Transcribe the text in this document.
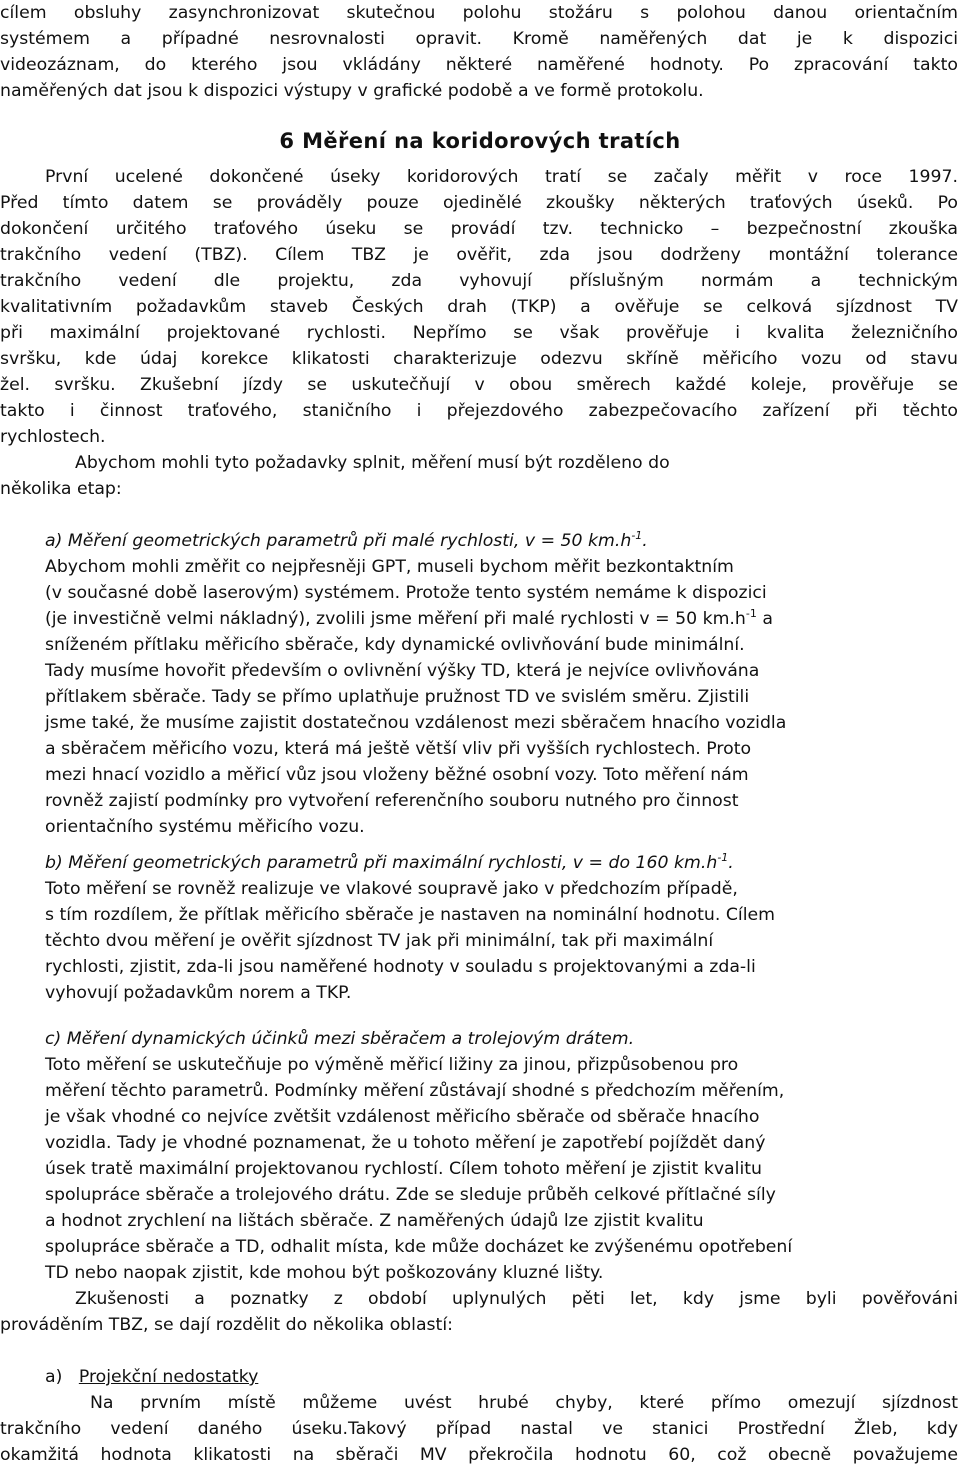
cílem obsluhy zasynchronizovat skutečnou polohu stožáru s polohou danou orientačním
systémem a případné nesrovnalosti opravit. Kromě naměřených dat je k dispozici
videozáznam, do kterého jsou vkládány některé naměřené hodnoty. Po zpracování takto
naměřených dat jsou k dispozici výstupy v grafické podobě a ve formě protokolu.
6 Měření na koridorových tratích
První ucelené dokončené úseky koridorových tratí se začaly měřit v roce 1997.
Před tímto datem se prováděly pouze ojedinělé zkoušky některých traťových úseků. Po
dokončení určitého traťového úseku se provádí tzv. technicko – bezpečnostní zkouška
trakčního vedení (TBZ). Cílem TBZ je ověřit, zda jsou dodrženy montážní tolerance
trakčního vedení dle projektu, zda vyhovují příslušným normám a technickým
kvalitativním požadavkům staveb Českých drah (TKP) a ověřuje se celková sjízdnost TV
při maximální projektované rychlosti. Nepřímo se však prověřuje i kvalita železničního
svršku, kde údaj korekce klikatosti charakterizuje odezvu skříně měřicího vozu od stavu
žel. svršku. Zkušební jízdy se uskutečňují v obou směrech každé koleje, prověřuje se
takto i činnost traťového, staničního i přejezdového zabezpečovacího zařízení při těchto
rychlostech.
Abychom mohli tyto požadavky splnit, měření musí být rozděleno do
několika etap:
a) Měření geometrických parametrů při malé rychlosti, v = 50 $km.h^{-1}$.
Abychom mohli změřit co nejpřesněji GPT, museli bychom měřit bezkontaktním
(v současné době laserovým) systémem. Protože tento systém nemáme k dispozici
(je investičně velmi nákladný), zvolili jsme měření při malé rychlosti v = 50 $km.h^{-1}$ a
sníženém přítlaku měřicího sběrače, kdy dynamické ovlivňování bude minimální.
Tady musíme hovořit především o ovlivnění výšky TD, která je nejvíce ovlivňována
přítlakem sběrače. Tady se přímo uplatňuje pružnost TD ve svislém směru. Zjistili
jsme také, že musíme zajistit dostatečnou vzdálenost mezi sběračem hnacího vozidla
a sběračem měřicího vozu, která má ještě větší vliv při vyšších rychlostech. Proto
mezi hnací vozidlo a měřicí vůz jsou vloženy běžné osobní vozy. Toto měření nám
rovněž zajistí podmínky pro vytvoření referenčního souboru nutného pro činnost
orientačního systému měřicího vozu.
b) Měření geometrických parametrů při maximální rychlosti, v = do 160 $km.h^{-1}$.
Toto měření se rovněž realizuje ve vlakové soupravě jako v předchozím případě,
s tím rozdílem, že přítlak měřicího sběrače je nastaven na nominální hodnotu. Cílem
těchto dvou měření je ověřit sjízdnost TV jak při minimální, tak při maximální
rychlosti, zjistit, zda-li jsou naměřené hodnoty v souladu s projektovanými a zda-li
vyhovují požadavkům norem a TKP.
c) Měření dynamických účinků mezi sběračem a trolejovým drátem.
Toto měření se uskutečňuje po výměně měřicí ližiny za jinou, přizpůsobenou pro
měření těchto parametrů. Podmínky měření zůstávají shodné s předchozím měřením,
je však vhodné co nejvíce zvětšit vzdálenost měřicího sběrače od sběrače hnacího
vozidla. Tady je vhodné poznamenat, že u tohoto měření je zapotřebí pojíždět daný
úsek tratě maximální projektovanou rychlostí. Cílem tohoto měření je zjistit kvalitu
spolupráce sběrače a trolejového drátu. Zde se sleduje průběh celkové přítlačné síly
a hodnot zrychlení na lištách sběrače. Z naměřených údajů lze zjistit kvalitu
spolupráce sběrače a TD, odhalit místa, kde může docházet ke zvýšenému opotřebení
TD nebo naopak zjistit, kde mohou být poškozovány kluzné lišty.
Zkušenosti a poznatky z období uplynulých pěti let, kdy jsme byli pověřováni
prováděním TBZ, se dají rozdělit do několika oblastí:
a) Projekční nedostatky
Na prvním místě můžeme uvést hrubé chyby, které přímo omezují sjízdnost
trakčního vedení daného úseku.Takový případ nastal ve stanici Prostřední Žleb, kdy
okamžitá hodnota klikatosti na sběrači MV překročila hodnotu 60, což obecně považujeme
